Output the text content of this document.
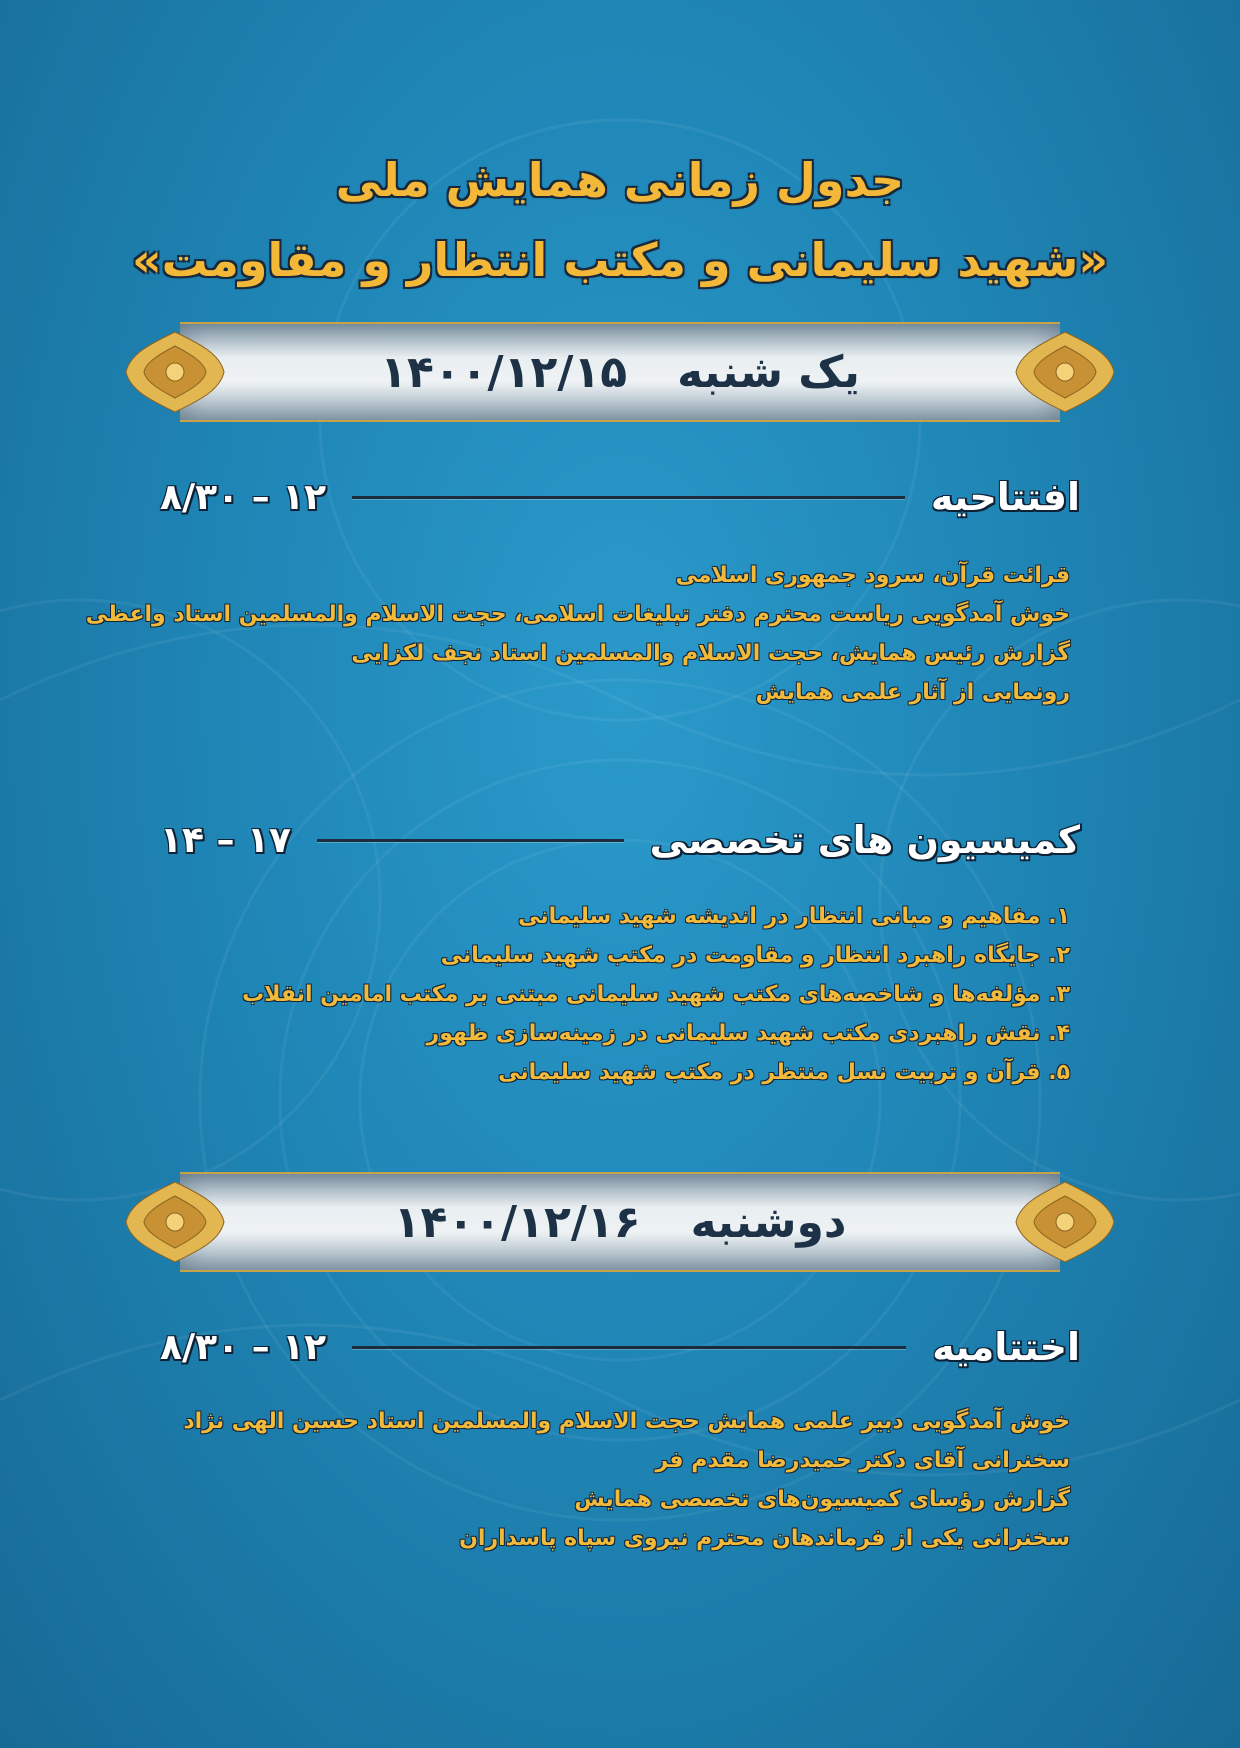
جدول زمانی همایش ملی
«شهید سلیمانی و مکتب انتظار و مقاومت»
یک شنبه
۱۴۰۰/۱۲/۱۵
افتتاحیه
۸/۳۰ – ۱۲
قرائت قرآن، سرود جمهوری اسلامی
خوش آمدگویی ریاست محترم دفتر تبلیغات اسلامی، حجت الاسلام والمسلمین استاد واعظی
گزارش رئیس همایش، حجت الاسلام والمسلمین استاد نجف لکزایی
رونمایی از آثار علمی همایش
کمیسیون های تخصصی
۱۴ – ۱۷
۱. مفاهیم و مبانی انتظار در اندیشه شهید سلیمانی
۲. جایگاه راهبرد انتظار و مقاومت در مکتب شهید سلیمانی
۳. مؤلفه‌ها و شاخصه‌های مکتب شهید سلیمانی مبتنی بر مکتب امامین انقلاب
۴. نقش راهبردی مکتب شهید سلیمانی در زمینه‌سازی ظهور
۵. قرآن و تربیت نسل منتظر در مکتب شهید سلیمانی
دوشنبه
۱۴۰۰/۱۲/۱۶
اختتامیه
۸/۳۰ – ۱۲
خوش آمدگویی دبیر علمی همایش حجت الاسلام والمسلمین استاد حسین الهی نژاد
سخنرانی آقای دکتر حمیدرضا مقدم فر
گزارش رؤسای کمیسیون‌های تخصصی همایش
سخنرانی یکی از فرماندهان محترم نیروی سپاه پاسداران
